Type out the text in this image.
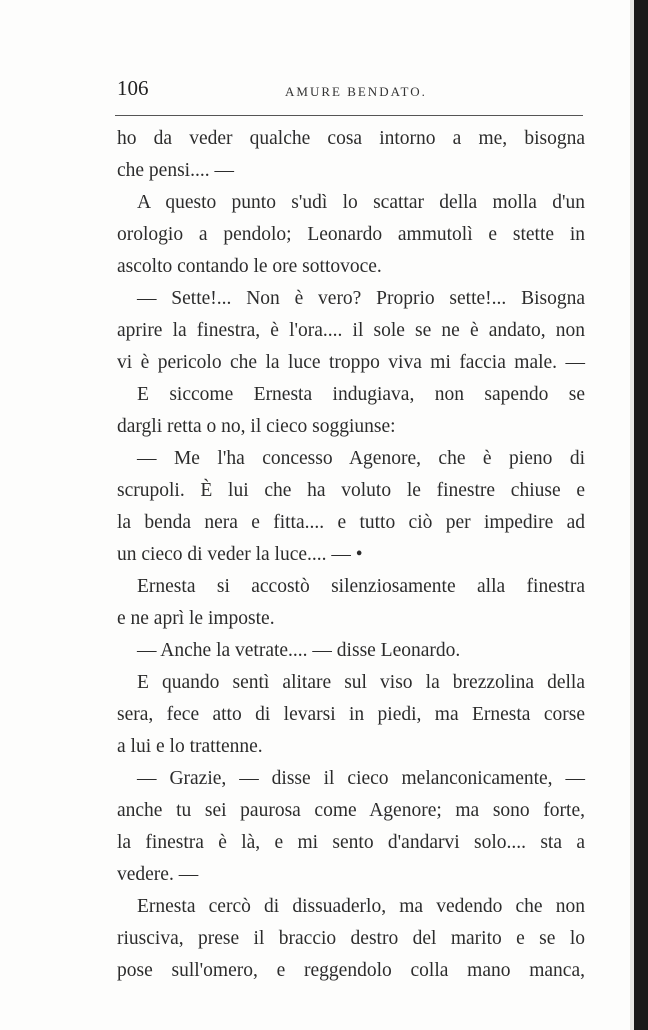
106	AMURE BENDATO.
ho da veder qualche cosa intorno a me, bisogna
che pensi.... —
A questo punto s'udì lo scattar della molla d'un
orologio a pendolo; Leonardo ammutolì e stette in
ascolto contando le ore sottovoce.
— Sette!... Non è vero? Proprio sette!... Bisogna
aprire la finestra, è l'ora.... il sole se ne è andato, non
vi è pericolo che la luce troppo viva mi faccia male. —
E siccome Ernesta indugiava, non sapendo se
dargli retta o no, il cieco soggiunse:
— Me l'ha concesso Agenore, che è pieno di
scrupoli. È lui che ha voluto le finestre chiuse e
la benda nera e fitta.... e tutto ciò per impedire ad
un cieco di veder la luce.... — •
Ernesta si accostò silenziosamente alla finestra
e ne aprì le imposte.
— Anche la vetrate.... — disse Leonardo.
E quando sentì alitare sul viso la brezzolina della
sera, fece atto di levarsi in piedi, ma Ernesta corse
a lui e lo trattenne.
— Grazie, — disse il cieco melanconicamente, —
anche tu sei paurosa come Agenore; ma sono forte,
la finestra è là, e mi sento d'andarvi solo.... sta a
vedere. —
Ernesta cercò di dissuaderlo, ma vedendo che non
riusciva, prese il braccio destro del marito e se lo
pose sull'omero, e reggendolo colla mano manca,
